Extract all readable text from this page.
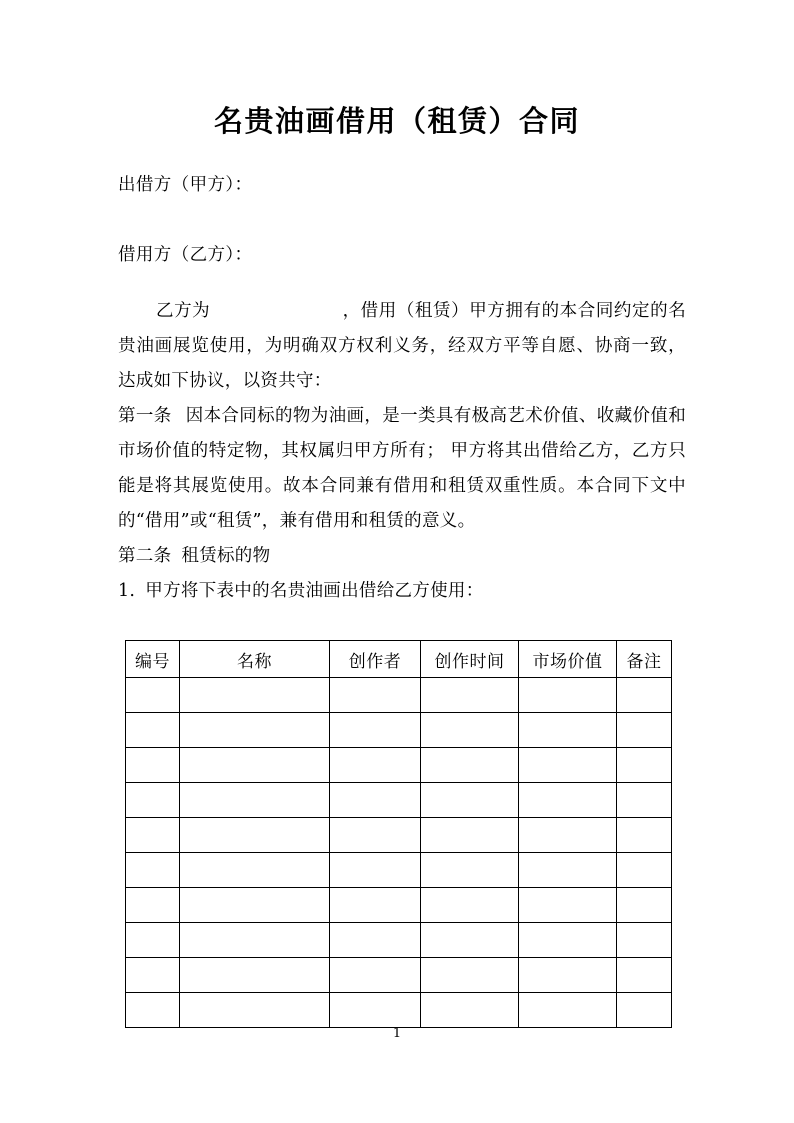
名贵油画借用（租赁）合同
出借方（甲方）：
借用方（乙方）：

乙方为	，借用（租赁）甲方拥有的本合同约定的名贵油画展览使用，为明确双方权利义务，经双方平等自愿、协商一致，达成如下协议，以资共守：

第一条 因本合同标的物为油画，是一类具有极高艺术价值、收藏价值和市场价值的特定物，其权属归甲方所有； 甲方将其出借给乙方，乙方只能是将其展览使用。故本合同兼有借用和租赁双重性质。本合同下文中的“借用”或“租赁”，兼有借用和租赁的意义。

第二条 租赁标的物

1. 甲方将下表中的名贵油画出借给乙方使用：

编号	名称	创作者	创作时间	市场价值	备注

1
